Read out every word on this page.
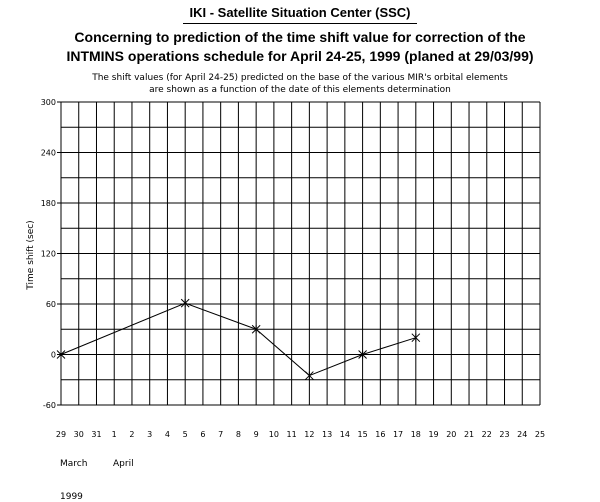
IKI - Satellite Situation Center (SSC)
Concerning to prediction of the time shift value for correction of the
INTMINS operations schedule for April 24-25, 1999 (planed at 29/03/99)
The shift values (for April 24-25) predicted on the base of the various MIR's orbital elements
are shown as a function of the date of this elements determination
-60
0
60
120
180
240
300
29 30 31 1 2 3 4 5 6 7 8 9 10 11 12 13 14 15 16 17 18 19 20 21 22 23 24 25
Time shift (sec)
March	April
1999
